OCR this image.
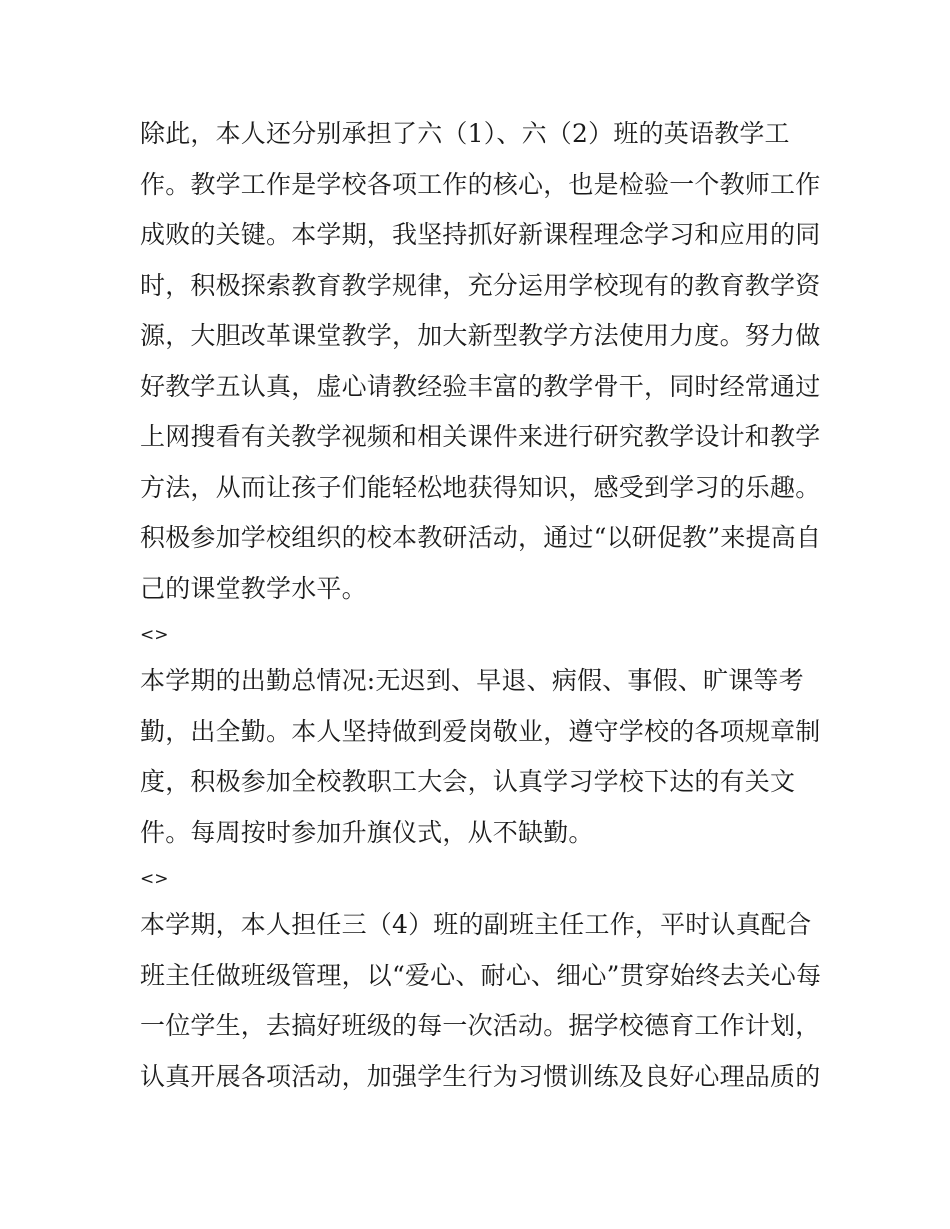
除此，本人还分别承担了六（1）、六（2）班的英语教学工
作。教学工作是学校各项工作的核心，也是检验一个教师工作
成败的关键。本学期，我坚持抓好新课程理念学习和应用的同
时，积极探索教育教学规律，充分运用学校现有的教育教学资
源，大胆改革课堂教学，加大新型教学方法使用力度。努力做
好教学五认真，虚心请教经验丰富的教学骨干，同时经常通过
上网搜看有关教学视频和相关课件来进行研究教学设计和教学
方法，从而让孩子们能轻松地获得知识，感受到学习的乐趣。
积极参加学校组织的校本教研活动，通过“以研促教”来提高自
己的课堂教学水平。
<>
本学期的出勤总情况:无迟到、早退、病假、事假、旷课等考
勤，出全勤。本人坚持做到爱岗敬业，遵守学校的各项规章制
度，积极参加全校教职工大会，认真学习学校下达的有关文
件。每周按时参加升旗仪式，从不缺勤。
<>
本学期，本人担任三（4）班的副班主任工作，平时认真配合
班主任做班级管理，以“爱心、耐心、细心”贯穿始终去关心每
一位学生，去搞好班级的每一次活动。据学校德育工作计划，
认真开展各项活动，加强学生行为习惯训练及良好心理品质的
